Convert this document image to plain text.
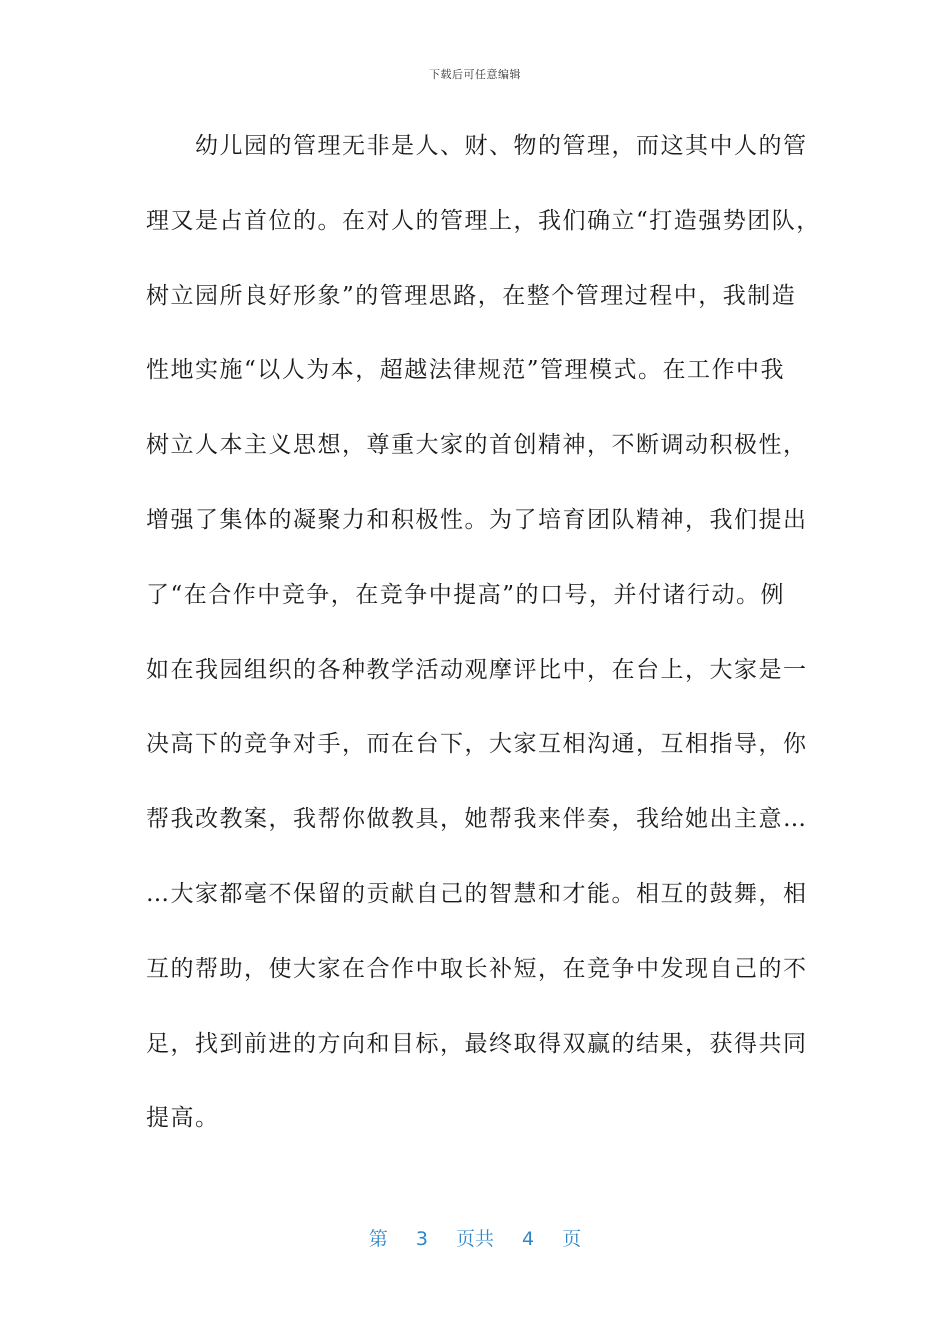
下载后可任意编辑
　　幼儿园的管理无非是人、财、物的管理，而这其中人的管
理又是占首位的。在对人的管理上，我们确立“打造强势团队，
树立园所良好形象”的管理思路，在整个管理过程中，我制造
性地实施“以人为本，超越法律规范”管理模式。在工作中我
树立人本主义思想，尊重大家的首创精神，不断调动积极性，
增强了集体的凝聚力和积极性。为了培育团队精神，我们提出
了“在合作中竞争，在竞争中提高”的口号，并付诸行动。例
如在我园组织的各种教学活动观摩评比中，在台上，大家是一
决高下的竞争对手，而在台下，大家互相沟通，互相指导，你
帮我改教案，我帮你做教具，她帮我来伴奏，我给她出主意…
…大家都毫不保留的贡献自己的智慧和才能。相互的鼓舞，相
互的帮助，使大家在合作中取长补短，在竞争中发现自己的不
足，找到前进的方向和目标，最终取得双赢的结果，获得共同
提高。
第 3 页共 4 页
